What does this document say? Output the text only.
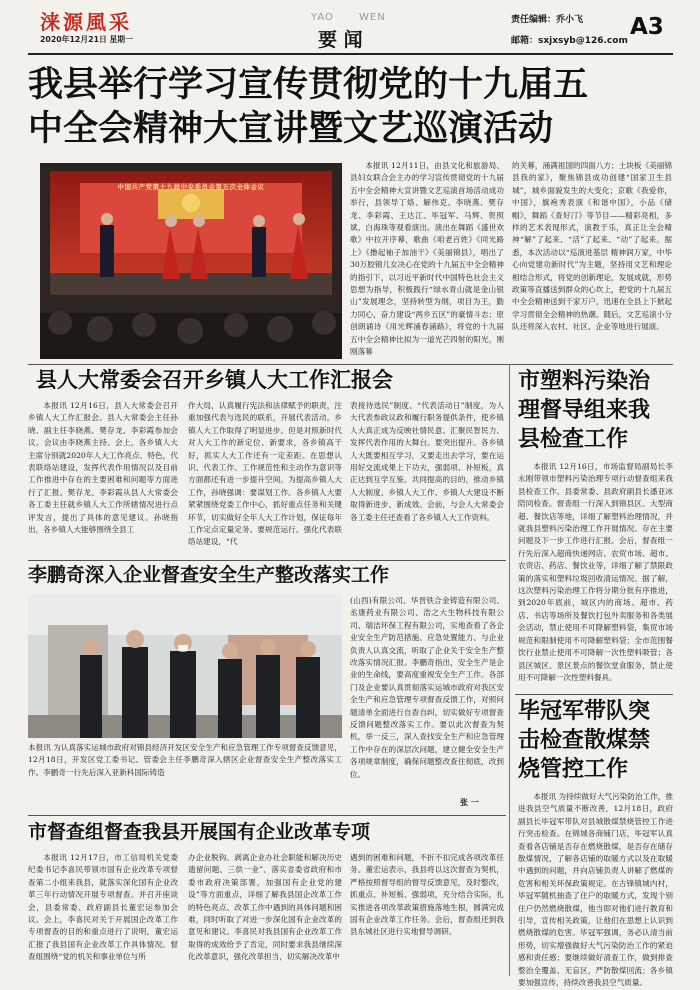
涞源風采
2020年12月21日 星期一
YAO	WEN
要 闻
责任编辑：乔小飞
邮箱：sxjxsyb@126.com
A3
我县举行学习宣传贯彻党的十九届五
中全会精神大宣讲暨文艺巡演活动
中国共产党第十九届中央委员会第五次全体会议

本报讯 12月11日，由县文化和旅游局、县妇女联合会主办的学习宣传贯彻党的十九届五中全会精神大宣讲暨文艺巡演首场活动成功举行，县领导丁烙、解伟克、李晓燕、樊存龙、李彩霞、王达江、毕冠军、马辉、贺照斌、白海珠等观看演出。演出在舞蹈《盛世欢歌》中拉开序幕，歌曲《咱老百姓》《同光路上》《撸起袖子加油干》《美丽锦县》，唱出了30万胶锦儿女决心在党的十九届五中全会精神的指引下，以习近平新时代中国特色社会主义思想为指导，积极践行“绿水青山就是金山银山”发展理念，坚持转型为纲，项目为王，勤力同心，奋力建设“两乡五区”的豪情斗志；原创朗诵诗《用光辉涌春涌路》，将党的十九届五中全会精神比拟为一道光芒四射的阳光，刚刚落幕

的关幕，涌满祖国的四面八方；土块板《美丽锦县我的家》，聚焦锦县成功创建“国家卫生县城”，城乡面貌发生的大变化；京歌《我爱你，中国》，旗袍秀表演《和谐中国》，小品《储帽》，舞蹈《查好汀》等节目——精彩亮相，多样的艺术表现形式，演教于乐，真正让全会精神“解”了起来、“活”了起来、“动”了起来。据悉，本次活动以“巡演进基层 精神润万家，中华心向党建功新时代”为主题，坚持用文艺和理论相结合形式，将党的创新理论，发展成就，形势政策等直播送到群众的心坎上，把党的十九届五中全会精神送到千家万户，迅速在全县上下掀起学习贯彻全会精神的热潮。随后，文艺巡演小分队还将深入农村、社区、企业等地进行展演。

县人大常委会召开乡镇人大工作汇报会

本报讯 12月16日，县人大常委会召开乡镇人大工作汇报会。县人大常委会主任孙晓、副主任李晓燕、樊存龙、李彩霞参加会议。会议由李晓燕主持。会上，各乡镇人大主席分别就2020年人大工作亮点、特色，代表联络站建设，发挥代表作用情况以及目前工作推进中存在的主要困难和问题等方面进行了汇报。樊存龙、李彩霞从县人大常委会各工委主任就乡镇人大工作所辖情况进行点评发言，提出了具体的意见建议。孙晓指出，各乡镇人大能够围绕全县工

作大局，认真履行宪法和法律赋予的职责，注重加强代表与选民的联系，开展代表活动，乡镇人大工作取得了明显进步。但是对照新时代对人大工作的新定位、新要求，各乡镇高干好，抓实人大工作还有一定差距。在思想认识、代表工作、工作规范性和主动作为意识等方面都还有进一步提升空间。为提高乡镇人大工作，孙晓强调：要谋划工作。各乡镇人大要紧紧围绕党委工作中心，抓好重点任务和关键环节，切实做好全年人大工作计划，保证每年工作定点定量定务。要规范运行。强化代表联络站建设，“代

表接待选民”制度、“代表活动日”制度，为人大代表参政议政和履行职务提供条件，使乡镇人大真正成为反映社情民意、汇聚民智民力、发挥代表作用的大舞台。要突出提升。各乡镇人大既要相互学习，又要走出去学习，要在运用好交流成果上下功夫，强弱项、补短板，真正达到互学互鉴、共同提高的目的，推动乡镇人大制度、乡镇人大工作、乡镇人大建设不断取得新进步、新成效。会前，与会人大常委会各工委主任还查看了各乡镇人大工作资料。

李鹏奇深入企业督查安全生产整改落实工作
本报讯 为认真落实运城市政府对锦县经济开发区安全生产和应急管理工作专项督查反馈意见，12月18日，开发区党工委书记、管委会主任李鹏奇深入辖区企业督查安全生产整改落实工作。李鹏奇一行先后深入亚新科国际铸造

(山西)有限公司、华晋铁合金铸造有限公司、丞康药业有限公司、浩之大生物科技有限公司、瑞洁环保工程有限公司，实地查看了各企业安全生产防范措施、应急处置能力、与企业负责人认真交流，听取了企业关于安全生产整改落实情况汇报。李鹏奇指出，安全生产是企业的生命线，要高度重视安全生产工作。各部门及企业要认真贯彻落实运城市政府对我区安全生产和应急管理专项督查反馈工作，对照问题清单全面进行自查自纠，切实做好专项督查反馈问题整改落实工作。要以此次督查为契机，举一反三，深入查找安全生产和应急管理工作中存在的深层次问题，建立健全安全生产各项规章制度，确保问题整改查住彻底，改到位。

张 一
市督查组督查我县开展国有企业改革专项

本报讯 12月17日，市工信局机关党委纪委书记李喜民带领市国有企业改革专项督查第二小组来我县，就落实深化国有企业改革三年行动情况开展专项督查。并召开座谈会，县委常委、政府副县长董宏运参加会议。会上，李喜民对关于开展国企改革工作专项督查的目的和重点进行了说明，董宏运汇报了我县国有企业改革工作具体情况。督查组围绕“党的机关和事业单位与所

办企业脱钩、剥离企业办社会职能和解决历史遗留问题、三供一业”、落实省委省政府和市委市政府决策部署，加强国有企业党的建设”等方面重点，详细了解我县国企改革工作的特色亮点、改革工作中遇到的具体问题和困难，同时听取了对进一步深化国有企业改革的意见和建议。李喜民对我县国有企业改革工作取得的成效给予了肯定，同时要求我县继续深化改革意识，强化改革担当，切实解决改革中

遇到的困难和问题，不折不扣完成各项改革任务。董宏运表示，我县将以这次督查为契机，严格按照督导组的督导反馈意见，及时整改，抓重点、补短板、强弱项，充分结合实际，扎实推进各项改革政策措施落地生根，圆满完成国有企业改革工作任务。会后，督查组还到我县东城社区进行实地督导调研。

市塑料污染治
理督导组来我
县检查工作

本报讯 12月16日，市场监督局副局长李永刚带领市塑料污染治理专项行动督查组来我县检查工作。县委常委、县政府副县长潘亚冰陪同检查。督查组一行深入到锦县区、大型商超、餐饮店等地，详细了解塑料治理情况，并就我县塑料污染治理工作开展情况、存在主要问题及下一步工作进行汇报。会后，督查组一行先后深入超商快递网店、农贸市场、超市、农资店、药店、餐饮业等，详细了解了禁限政策的落实和塑料垃圾回收清运情况。据了解，这次塑料污染治理工作将分期分批有序推进，到2020年底前，城区内的商场、超市、药店、书店等场所及餐饮打包外卖服务和各类展会活动，禁止使用不可降解塑料袋，集贸市场规范和限制使用不可降解塑料袋；全市范围餐饮行业禁止使用不可降解一次性塑料吸管；各县区城区、景区景点的餐饮堂食服务，禁止使用不可降解一次性塑料餐具。

毕冠军带队突
击检查散煤禁
烧管控工作

本报讯 为持续做好大气污染防治工作，推进我县空气质量不断改善，12月18日，政府副县长毕冠军带队对县城散煤禁烧管控工作进行突击检查。在锦城各商铺门店，毕冠军认真查看各店铺是否存在燃烧散煤，是否存在储存散煤情况，了解各店铺的取暖方式以及在取暖中遇到的问题，并向店铺负责人讲解了燃煤的危害和相关环保政策规定。在古锋镇城内村，毕冠军随机抽查了住户的取暖方式，发现个别住户仍然燃烧散煤，他当即对他们进行教育和引导，宣传相关政策，让他们在思想上认识到燃烧散煤的危害。毕冠军强调，务必认清当前形势，切实增强做好大气污染防治工作的紧迫感和责任感；要继续做好清查工作，做到排查整治全覆盖、无盲区，严防散煤回流；各乡镇要加强宣传，持续改善我县空气质量。
